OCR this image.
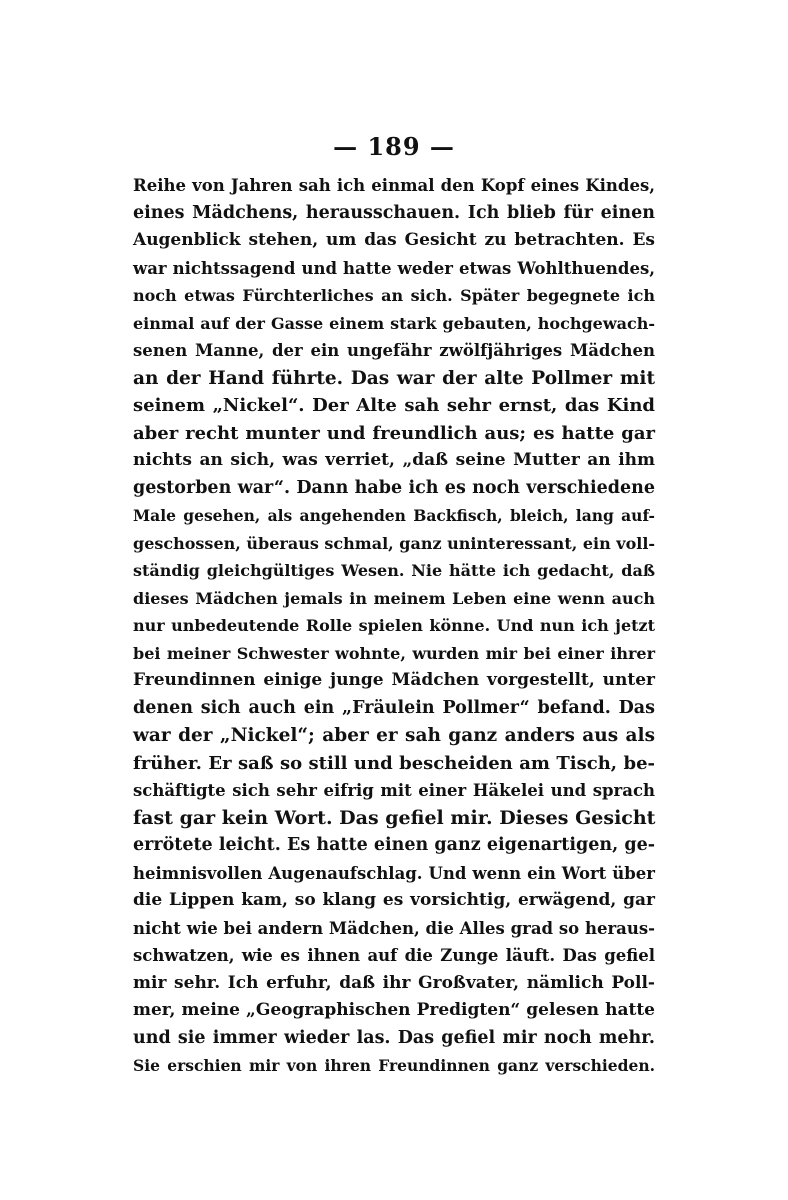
— 189 —
Reihe von Jahren sah ich einmal den Kopf eines Kindes,
eines Mädchens, herausschauen. Ich blieb für einen
Augenblick stehen, um das Gesicht zu betrachten. Es
war nichtssagend und hatte weder etwas Wohlthuendes,
noch etwas Fürchterliches an sich. Später begegnete ich
einmal auf der Gasse einem stark gebauten, hochgewach-
senen Manne, der ein ungefähr zwölfjähriges Mädchen
an der Hand führte. Das war der alte Pollmer mit
seinem „Nickel“. Der Alte sah sehr ernst, das Kind
aber recht munter und freundlich aus; es hatte gar
nichts an sich, was verriet, „daß seine Mutter an ihm
gestorben war“. Dann habe ich es noch verschiedene
Male gesehen, als angehenden Backfisch, bleich, lang auf-
geschossen, überaus schmal, ganz uninteressant, ein voll-
ständig gleichgültiges Wesen. Nie hätte ich gedacht, daß
dieses Mädchen jemals in meinem Leben eine wenn auch
nur unbedeutende Rolle spielen könne. Und nun ich jetzt
bei meiner Schwester wohnte, wurden mir bei einer ihrer
Freundinnen einige junge Mädchen vorgestellt, unter
denen sich auch ein „Fräulein Pollmer“ befand. Das
war der „Nickel“; aber er sah ganz anders aus als
früher. Er saß so still und bescheiden am Tisch, be-
schäftigte sich sehr eifrig mit einer Häkelei und sprach
fast gar kein Wort. Das gefiel mir. Dieses Gesicht
errötete leicht. Es hatte einen ganz eigenartigen, ge-
heimnisvollen Augenaufschlag. Und wenn ein Wort über
die Lippen kam, so klang es vorsichtig, erwägend, gar
nicht wie bei andern Mädchen, die Alles grad so heraus-
schwatzen, wie es ihnen auf die Zunge läuft. Das gefiel
mir sehr. Ich erfuhr, daß ihr Großvater, nämlich Poll-
mer, meine „Geographischen Predigten“ gelesen hatte
und sie immer wieder las. Das gefiel mir noch mehr.
Sie erschien mir von ihren Freundinnen ganz verschieden.
